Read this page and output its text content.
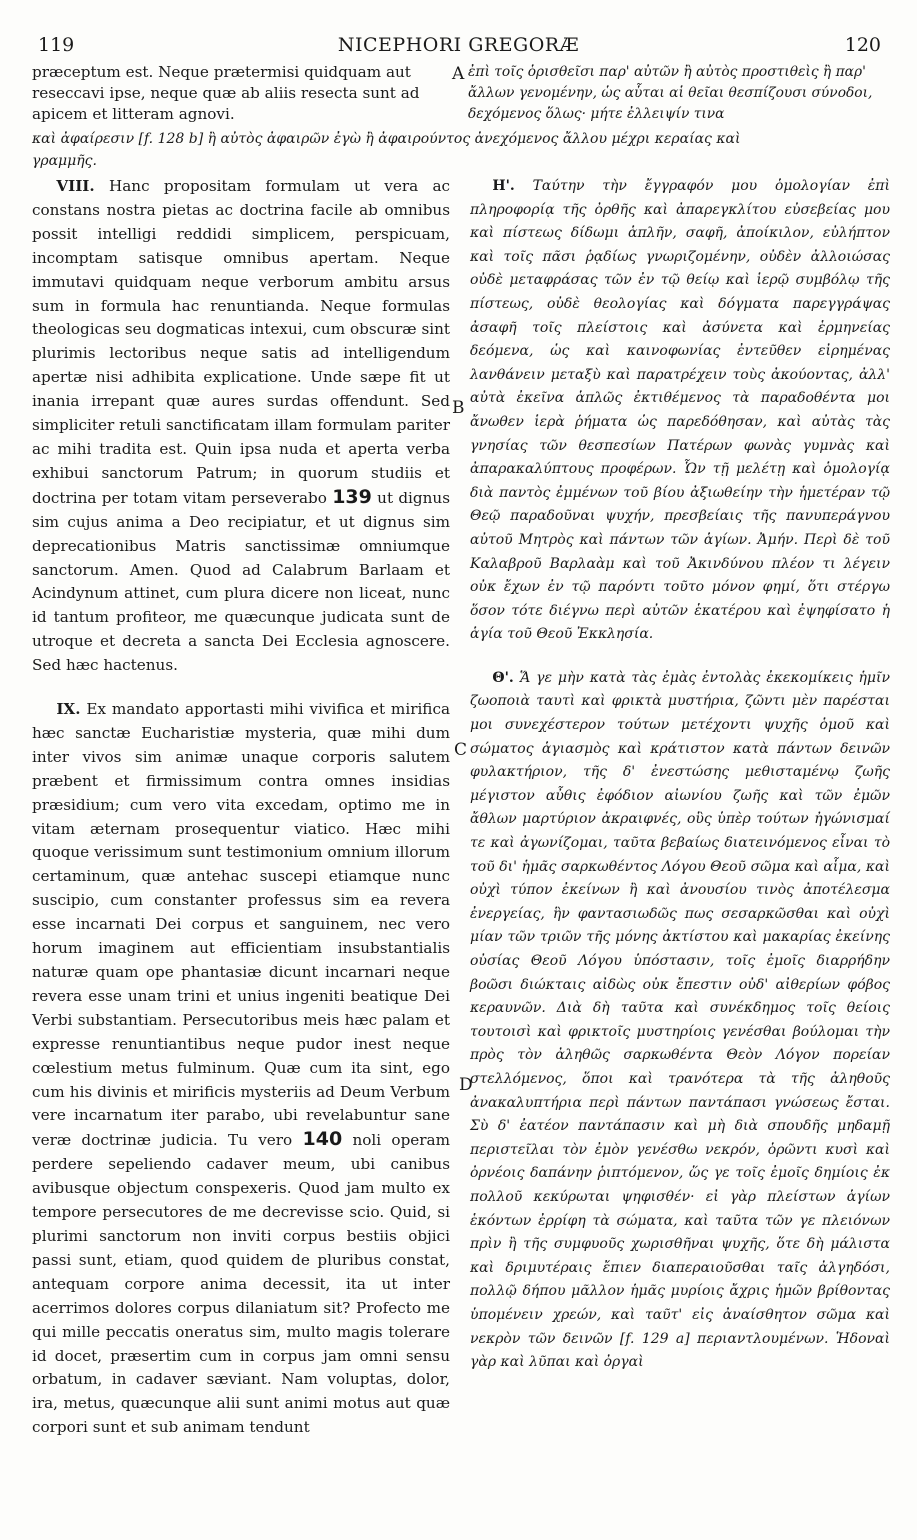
119	NICEPHORI GREGORÆ	120
præceptum est. Neque prætermisi quidquam aut reseccavi ipse, neque quæ ab aliis resecta sunt ad apicem et litteram agnovi.
ἐπὶ τοῖς ὁρισθεῖσι παρ' αὐτῶν ἢ αὐτὸς προστιθεὶς ἢ παρ' ἄλλων γενομένην, ὡς αὗται αἱ θεῖαι θεσπίζουσι σύνοδοι, δεχόμενος ὅλως· μήτε ἐλλειψίν τινα
καὶ ἀφαίρεσιν [f. 128 b] ἢ αὐτὸς ἀφαιρῶν ἐγὼ ἢ ἀφαιρούντος ἀνεχόμενος ἄλλου μέχρι κεραίας καὶ
γραμμῆς.

VIII. Hanc propositam formulam ut vera ac constans nostra pietas ac doctrina facile ab omnibus possit intelligi reddidi simplicem, perspicuam, incomptam satisque omnibus apertam. Neque immutavi quidquam neque verborum ambitu arsus sum in formula hac renuntianda. Neque formulas theologicas seu dogmaticas intexui, cum obscuræ sint plurimis lectoribus neque satis ad intelligendum apertæ nisi adhibita explicatione. Unde sæpe fit ut inania irrepant quæ aures surdas offendunt. Sed simpliciter retuli sanctificatam illam formulam pariter ac mihi tradita est. Quin ipsa nuda et aperta verba exhibui sanctorum Patrum; in quorum studiis et doctrina per totam vitam perseverabo 139 ut dignus sim cujus anima a Deo recipiatur, et ut dignus sim deprecationibus Matris sanctissimæ omniumque sanctorum. Amen. Quod ad Calabrum Barlaam et Acindynum attinet, cum plura dicere non liceat, nunc id tantum profiteor, me quæcunque judicata sunt de utroque et decreta a sancta Dei Ecclesia agnoscere. Sed hæc hactenus.

IX. Ex mandato apportasti mihi vivifica et mirifica hæc sanctæ Eucharistiæ mysteria, quæ mihi dum inter vivos sim animæ unaque corporis salutem præbent et firmissimum contra omnes insidias præsidium; cum vero vita excedam, optimo me in vitam æternam prosequentur viatico. Hæc mihi quoque verissimum sunt testimonium omnium illorum certaminum, quæ antehac suscepi etiamque nunc suscipio, cum constanter professus sim ea revera esse incarnati Dei corpus et sanguinem, nec vero horum imaginem aut efficientiam insubstantialis naturæ quam ope phantasiæ dicunt incarnari neque revera esse unam trini et unius ingeniti beatique Dei Verbi substantiam. Persecutoribus meis hæc palam et expresse renuntiantibus neque pudor inest neque cœlestium metus fulminum. Quæ cum ita sint, ego cum his divinis et mirificis mysteriis ad Deum Verbum vere incarnatum iter parabo, ubi revelabuntur sane veræ doctrinæ judicia. Tu vero 140 noli operam perdere sepeliendo cadaver meum, ubi canibus avibusque objectum conspexeris. Quod jam multo ex tempore persecutores de me decrevisse scio. Quid, si plurimi sanctorum non inviti corpus bestiis objici passi sunt, etiam, quod quidem de pluribus constat, antequam corpore anima decessit, ita ut inter acerrimos dolores corpus dilaniatum sit? Profecto me qui mille peccatis oneratus sim, multo magis tolerare id docet, præsertim cum in corpus jam omni sensu orbatum, in cadaver sæviant. Nam voluptas, dolor, ira, metus, quæcunque alii sunt animi motus aut quæ corpori sunt et sub animam tendunt

Η'. Ταύτην τὴν ἔγγραφόν μου ὁμολογίαν ἐπὶ πληροφορίᾳ τῆς ὀρθῆς καὶ ἀπαρεγκλίτου εὐσεβείας μου καὶ πίστεως δίδωμι ἁπλῆν, σαφῆ, ἀποίκιλον, εὐλήπτον καὶ τοῖς πᾶσι ῥᾳδίως γνωριζομένην, οὐδὲν ἀλλοιώσας οὐδὲ μεταφράσας τῶν ἐν τῷ θείῳ καὶ ἱερῷ συμβόλῳ τῆς πίστεως, οὐδὲ θεολογίας καὶ δόγματα παρεγγράψας ἀσαφῆ τοῖς πλείστοις καὶ ἀσύνετα καὶ ἑρμηνείας δεόμενα, ὡς καὶ καινοφωνίας ἐντεῦθεν εἰρημένας λανθάνειν μεταξὺ καὶ παρατρέχειν τοὺς ἀκούοντας, ἀλλ' αὐτὰ ἐκεῖνα ἁπλῶς ἐκτιθέμενος τὰ παραδοθέντα μοι ἄνωθεν ἱερὰ ῥήματα ὡς παρεδόθησαν, καὶ αὐτὰς τὰς γνησίας τῶν θεσπεσίων Πατέρων φωνὰς γυμνὰς καὶ ἀπαρακαλύπτους προφέρων. Ὧν τῇ μελέτῃ καὶ ὁμολογίᾳ διὰ παντὸς ἐμμένων τοῦ βίου ἀξιωθείην τὴν ἡμετέραν τῷ Θεῷ παραδοῦναι ψυχήν, πρεσβείαις τῆς πανυπεράγνου αὐτοῦ Μητρὸς καὶ πάντων τῶν ἁγίων. Ἀμήν. Περὶ δὲ τοῦ Καλαβροῦ Βαρλαὰμ καὶ τοῦ Ἀκινδύνου πλέον τι λέγειν οὐκ ἔχων ἐν τῷ παρόντι τοῦτο μόνον φημί, ὅτι στέργω ὅσον τότε διέγνω περὶ αὐτῶν ἑκατέρου καὶ ἐψηφίσατο ἡ ἁγία τοῦ Θεοῦ Ἐκκλησία.

Θ'. Ἅ γε μὴν κατὰ τὰς ἐμὰς ἐντολὰς ἐκεκομίκεις ἡμῖν ζωοποιὰ ταυτὶ καὶ φρικτὰ μυστήρια, ζῶντι μὲν παρέσται μοι συνεχέστερον τούτων μετέχοντι ψυχῆς ὁμοῦ καὶ σώματος ἁγιασμὸς καὶ κράτιστον κατὰ πάντων δεινῶν φυλακτήριον, τῆς δ' ἐνεστώσης μεθισταμένῳ ζωῆς μέγιστον αὖθις ἐφόδιον αἰωνίου ζωῆς καὶ τῶν ἐμῶν ἄθλων μαρτύριον ἀκραιφνές, οὓς ὑπὲρ τούτων ἠγώνισμαί τε καὶ ἀγωνίζομαι, ταῦτα βεβαίως διατεινόμενος εἶναι τὸ τοῦ δι' ἡμᾶς σαρκωθέντος Λόγου Θεοῦ σῶμα καὶ αἷμα, καὶ οὐχὶ τύπον ἐκείνων ἢ καὶ ἀνουσίου τινὸς ἀποτέλεσμα ἐνεργείας, ἣν φαντασιωδῶς πως σεσαρκῶσθαι καὶ οὐχὶ μίαν τῶν τριῶν τῆς μόνης ἀκτίστου καὶ μακαρίας ἐκείνης οὐσίας Θεοῦ Λόγου ὑπόστασιν, τοῖς ἐμοῖς διαρρήδην βοῶσι διώκταις αἰδὼς οὐκ ἔπεστιν οὐδ' αἰθερίων φόβος κεραυνῶν. Διὰ δὴ ταῦτα καὶ συνέκδημος τοῖς θείοις τουτοισὶ καὶ φρικτοῖς μυστηρίοις γενέσθαι βούλομαι τὴν πρὸς τὸν ἀληθῶς σαρκωθέντα Θεὸν Λόγον πορείαν στελλόμενος, ὅποι καὶ τρανότερα τὰ τῆς ἀληθοῦς ἀνακαλυπτήρια περὶ πάντων παντάπασι γνώσεως ἔσται. Σὺ δ' ἐατέον παντάπασιν καὶ μὴ διὰ σπουδῆς μηδαμῇ περιστεῖλαι τὸν ἐμὸν γενέσθω νεκρόν, ὁρῶντι κυσὶ καὶ ὀρνέοις δαπάνην ῥιπτόμενον, ὥς γε τοῖς ἐμοῖς δημίοις ἐκ πολλοῦ κεκύρωται ψηφισθέν· εἰ γὰρ πλείστων ἁγίων ἑκόντων ἐρρίφη τὰ σώματα, καὶ ταῦτα τῶν γε πλειόνων πρὶν ἢ τῆς συμφυοῦς χωρισθῆναι ψυχῆς, ὅτε δὴ μάλιστα καὶ δριμυτέραις ἔπιεν διαπεραιοῦσθαι ταῖς ἀλγηδόσι, πολλῷ δήπου μᾶλλον ἡμᾶς μυρίοις ἄχρις ἡμῶν βρίθοντας ὑπομένειν χρεών, καὶ ταῦτ' εἰς ἀναίσθητον σῶμα καὶ νεκρὸν τῶν δεινῶν [f. 129 a] περιαντλουμένων. Ἡδοναὶ γὰρ καὶ λῦπαι καὶ ὀργαὶ

A
B
C
D
